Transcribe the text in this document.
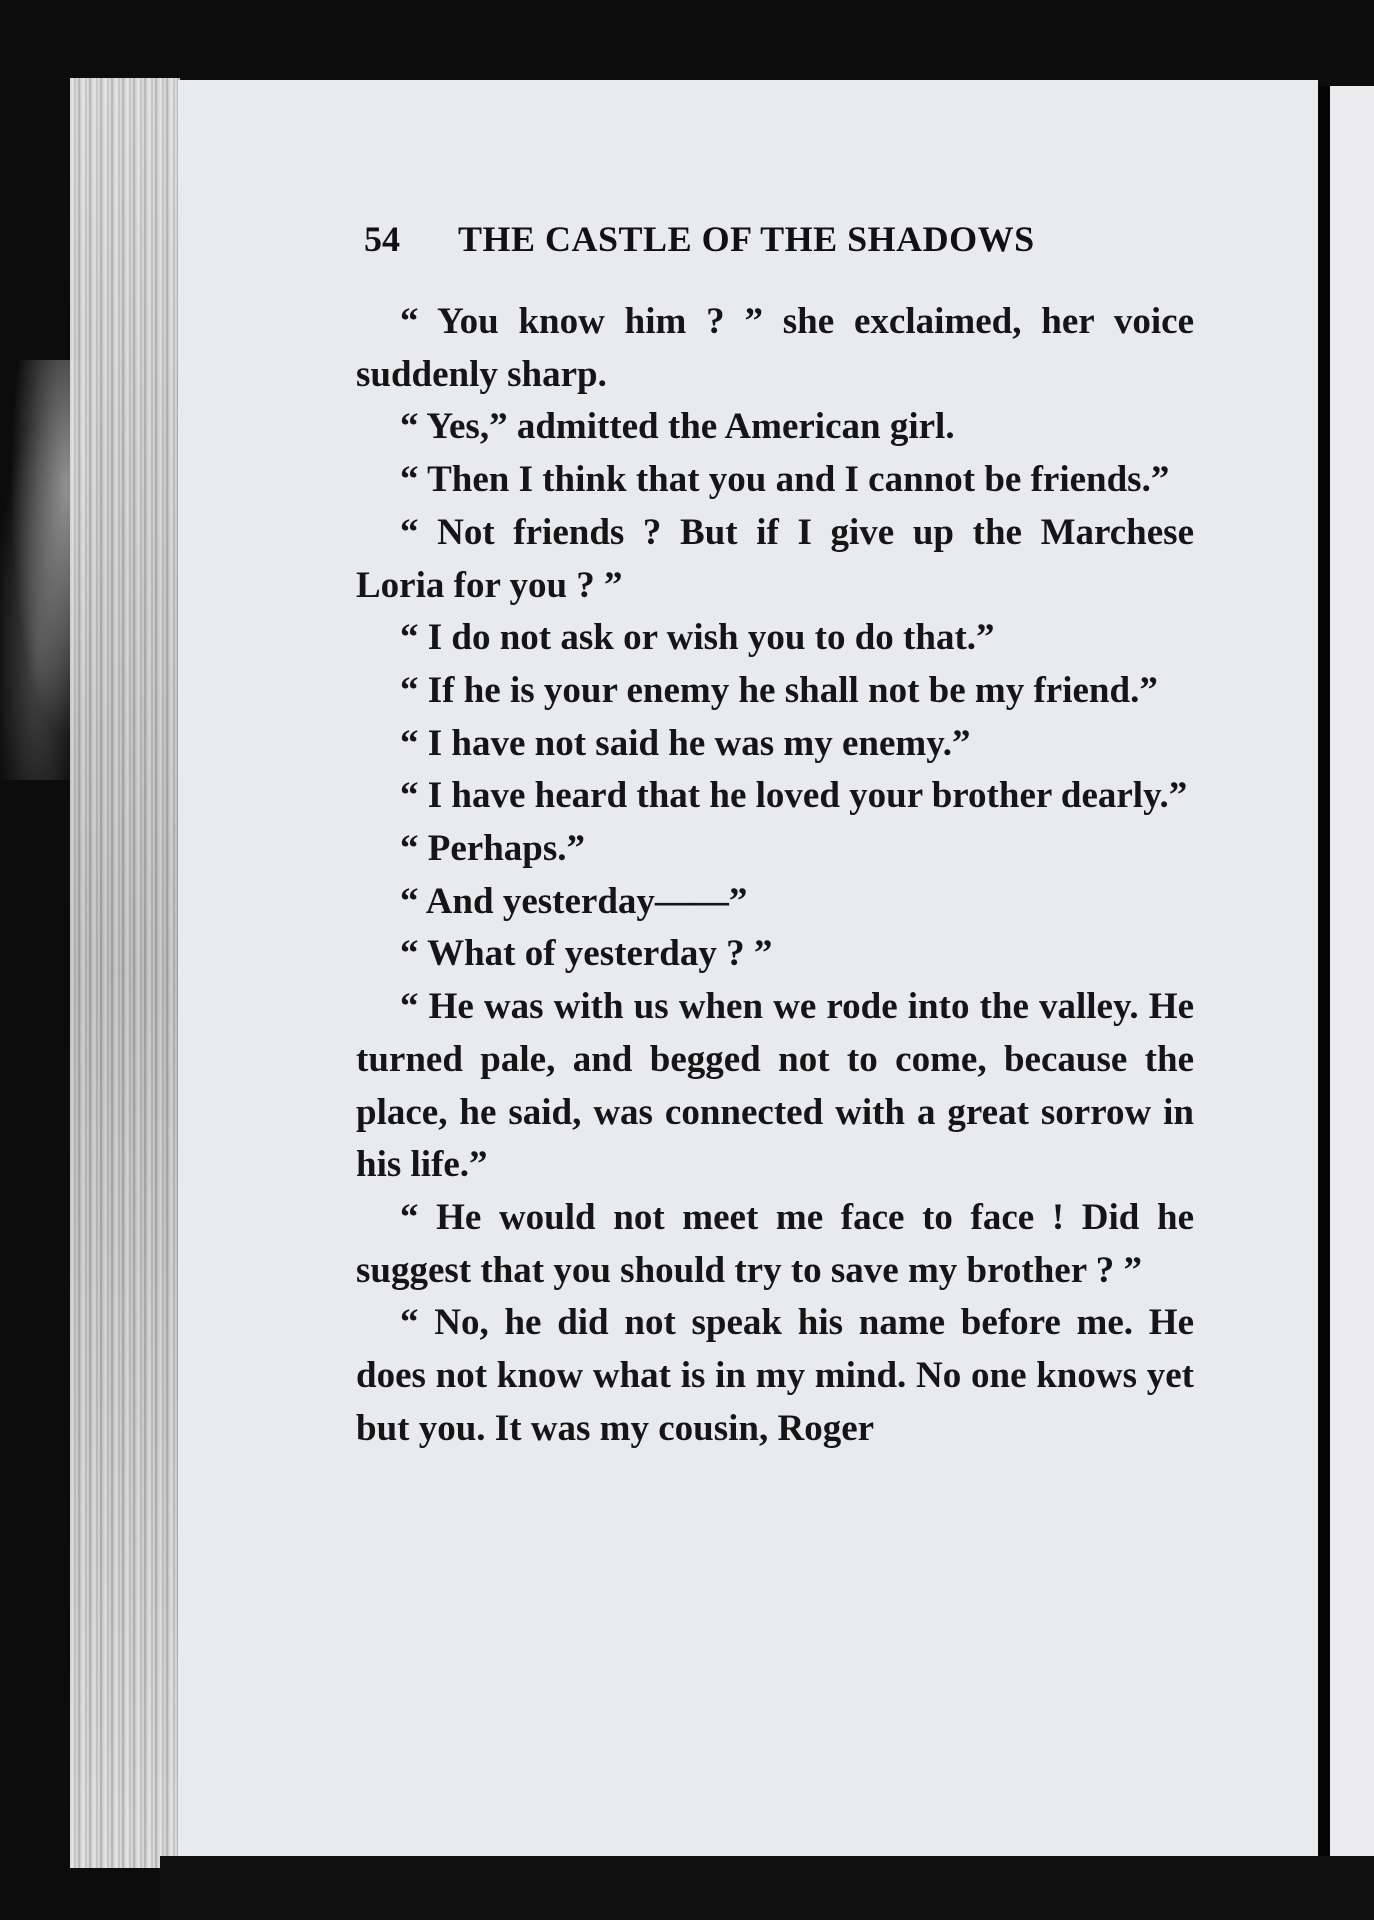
54 THE CASTLE OF THE SHADOWS

“ You know him ? ” she exclaimed, her voice suddenly sharp.

“ Yes,” admitted the American girl.

“ Then I think that you and I cannot be friends.”

“ Not friends ? But if I give up the Marchese Loria for you ? ”

“ I do not ask or wish you to do that.”

“ If he is your enemy he shall not be my friend.”

“ I have not said he was my enemy.”

“ I have heard that he loved your brother dearly.”

“ Perhaps.”

“ And yesterday——”

“ What of yesterday ? ”

“ He was with us when we rode into the valley. He turned pale, and begged not to come, because the place, he said, was connected with a great sorrow in his life.”

“ He would not meet me face to face ! Did he suggest that you should try to save my brother ? ”

“ No, he did not speak his name before me. He does not know what is in my mind. No one knows yet but you. It was my cousin, Roger
